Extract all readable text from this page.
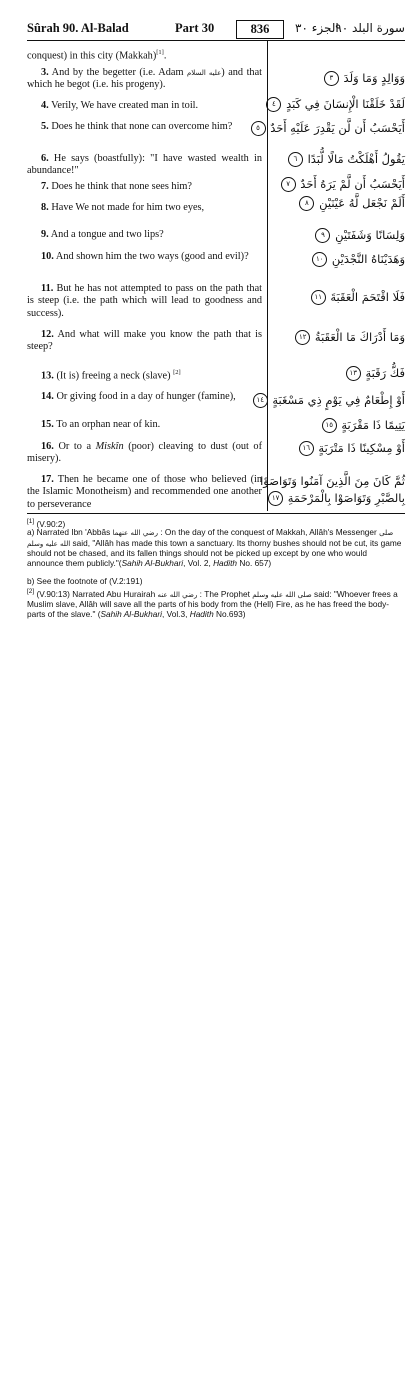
Sûrah 90. Al-Balad	Part 30	836	الجزء ٣٠
سورة البلد ٩٠
conquest) in this city (Makkah)[1].
3. And by the begetter (i.e. Adam عليه السلام) and that which he begot (i.e. his progeny).	وَوَالِدٍ وَمَا وَلَدَ ٣
4. Verily, We have created man in toil.	لَقَدْ خَلَقْنَا الْإِنسَانَ فِي كَبَدٍ ٤
5. Does he think that none can overcome him?	أَيَحْسَبُ أَن لَّن يَقْدِرَ عَلَيْهِ أَحَدٌ ٥
6. He says (boastfully): "I have wasted wealth in abundance!"
يَقُولُ أَهْلَكْتُ مَالًا لُّبَدًا ٦
7. Does he think that none sees him?	أَيَحْسَبُ أَن لَّمْ يَرَهُ أَحَدٌ ٧
8. Have We not made for him two eyes,	أَلَمْ نَجْعَل لَّهُ عَيْنَيْنِ ٨
9. And a tongue and two lips?	وَلِسَانًا وَشَفَتَيْنِ ٩
10. And shown him the two ways (good and evil)?	وَهَدَيْنَاهُ النَّجْدَيْنِ ١٠
11. But he has not attempted to pass on the path that is steep (i.e. the path which will lead to goodness and success).
فَلَا اقْتَحَمَ الْعَقَبَةَ ١١
12. And what will make you know the path that is steep?
وَمَا أَدْرَاكَ مَا الْعَقَبَةُ ١٢
13. (It is) freeing a neck (slave) [2]	فَكُّ رَقَبَةٍ ١٣
14. Or giving food in a day of hunger (famine),	أَوْ إِطْعَامٌ فِي يَوْمٍ ذِي مَسْغَبَةٍ ١٤
15. To an orphan near of kin.	يَتِيمًا ذَا مَقْرَبَةٍ ١٥
16. Or to a Miskîn (poor) cleaving to dust (out of misery).
أَوْ مِسْكِينًا ذَا مَتْرَبَةٍ ١٦
17. Then he became one of those who believed (in the Islamic Monotheism) and recommended one another to perseverance
ثُمَّ كَانَ مِنَ الَّذِينَ آمَنُوا وَتَوَاصَوْا
بِالصَّبْرِ وَتَوَاصَوْا بِالْمَرْحَمَةِ ١٧
[1] (V.90:2)
a) Narrated Ibn 'Abbâs رضي الله عنهما : On the day of the conquest of Makkah, Allâh's Messenger صلى الله عليه وسلم said, "Allâh has made this town a sanctuary. Its thorny bushes should not be cut, its game should not be chased, and its fallen things should not be picked up except by one who would announce them publicly."(Sahih Al-Bukhari, Vol. 2, Hadith No. 657)
b) See the footnote of (V.2:191)
[2] (V.90:13) Narrated Abu Hurairah رضي الله عنه : The Prophet صلى الله عليه وسلم said: "Whoever frees a Muslim slave, Allâh will save all the parts of his body from the (Hell) Fire, as he has freed the body-parts of the slave." (Sahih Al-Bukhari, Vol.3, Hadith No.693)
